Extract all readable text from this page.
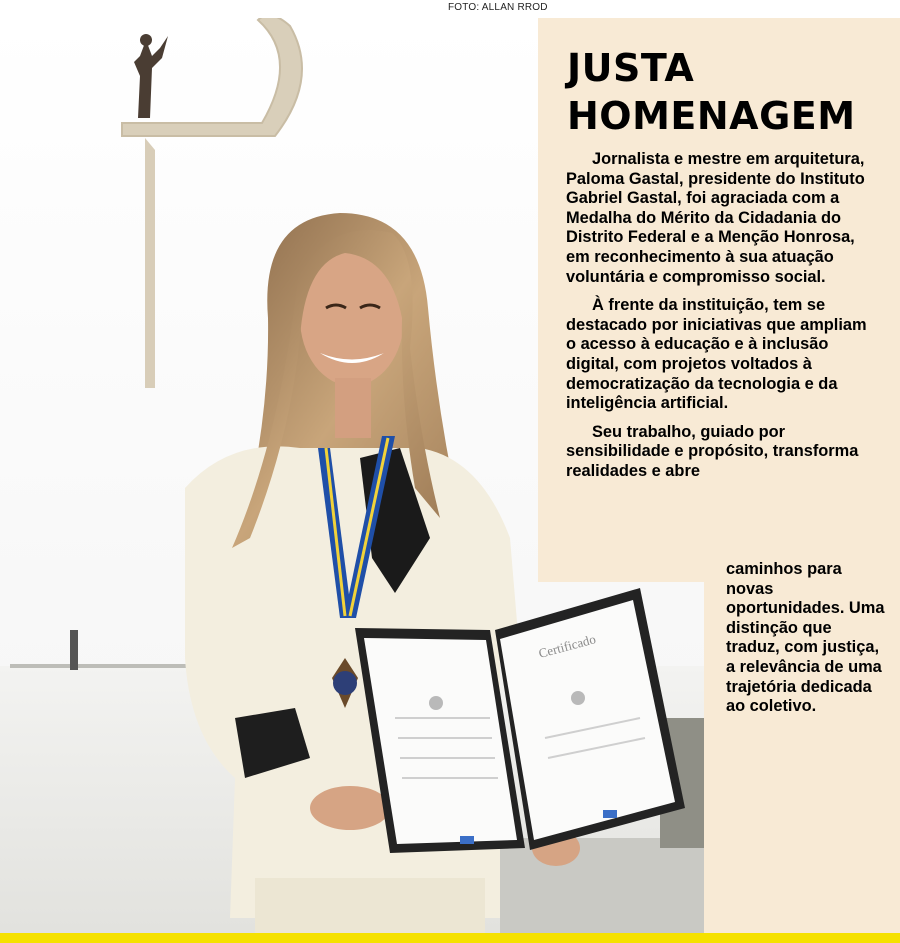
Certificado
FOTO: ALLAN RROD
JUSTA
HOMENAGEM

Jornalista e mestre em arquitetura, Paloma Gastal, presidente do Instituto Gabriel Gastal, foi agraciada com a Medalha do Mérito da Cidadania do Distrito Federal e a Menção Honrosa, em reconhecimento à sua atuação voluntária e compromisso social.

À frente da instituição, tem se destacado por iniciativas que ampliam o acesso à educação e à inclusão digital, com projetos voltados à democratização da tecnologia e da inteligência artificial.

Seu trabalho, guiado por sensibilidade e propósito, transforma realidades e abre

caminhos para novas oportunidades. Uma distinção que traduz, com justiça, a relevância de uma trajetória dedicada ao coletivo.
